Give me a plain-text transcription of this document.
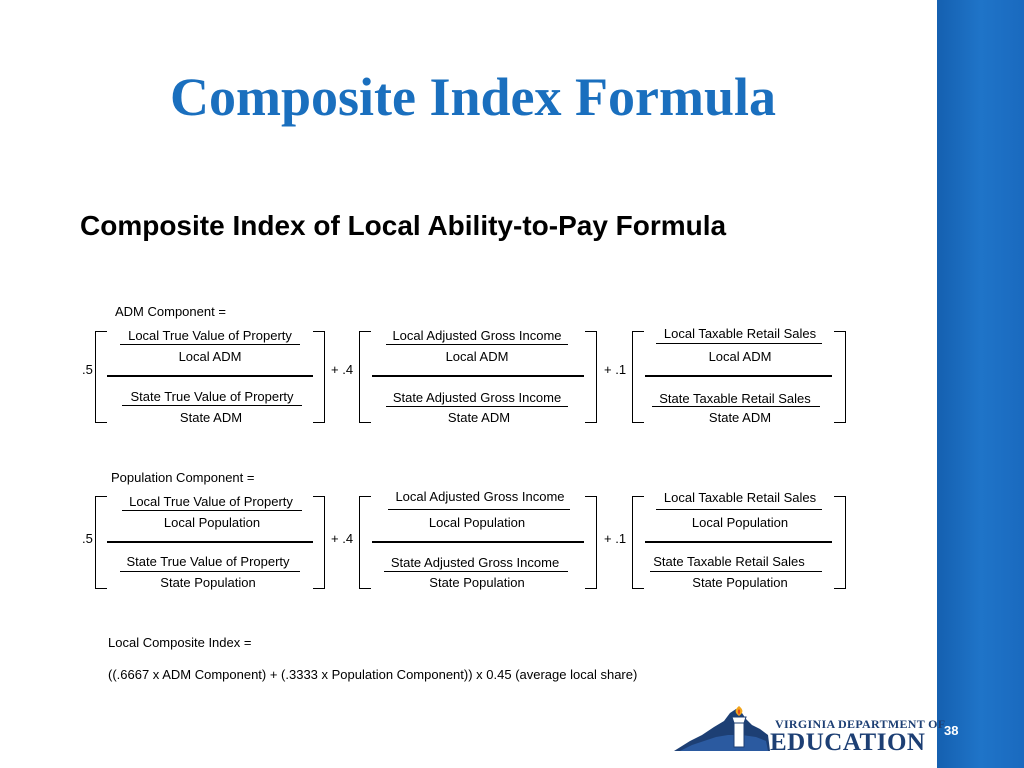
38
Composite Index Formula
Composite Index of Local Ability-to-Pay Formula
ADM Component =
.5	+ .4	+ .1
Local True Value of Property
Local ADM
State True Value of Property
State ADM
Local Adjusted Gross Income
Local ADM
State Adjusted Gross Income
State ADM
Local Taxable Retail Sales
Local ADM
State Taxable Retail Sales
State ADM
Population Component =
.5	+ .4	+ .1
Local True Value of Property
Local Population
State True Value of Property
State Population
Local Adjusted Gross Income
Local Population
State Adjusted Gross Income
State Population
Local Taxable Retail Sales
Local Population
State Taxable Retail Sales
State Population
Local Composite Index =
((.6667 x ADM Component) + (.3333 x Population Component)) x 0.45 (average local share)
VIRGINIA DEPARTMENT OF
EDUCATION
